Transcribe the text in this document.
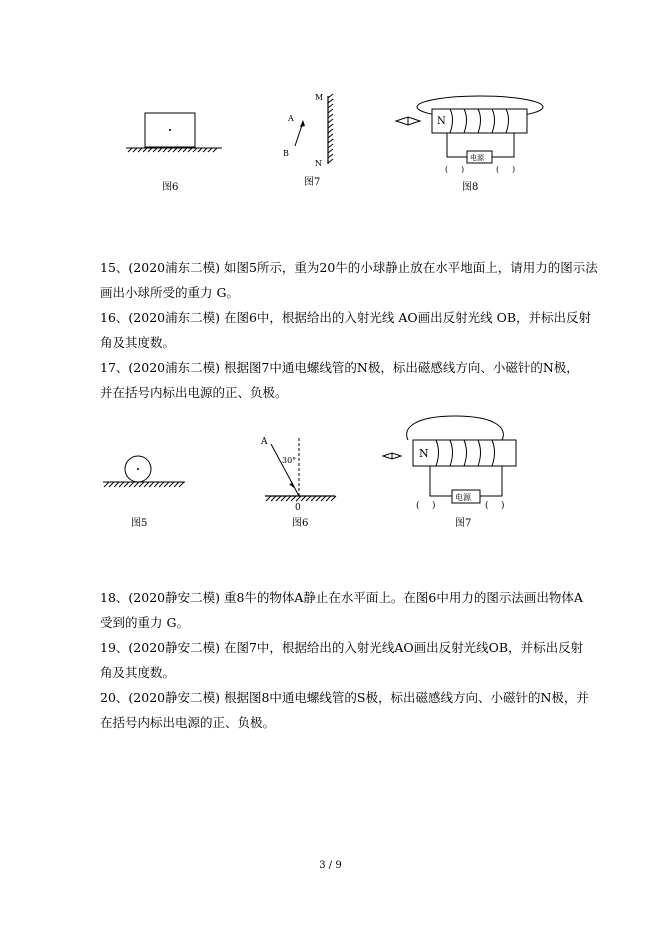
图6
M
N
A
B
图7
N
电源
( )	( )
图8

15、(2020浦东二模) 如图5所示，重为20牛的小球静止放在水平地面上，请用力的图示法

画出小球所受的重力 G。

16、(2020浦东二模) 在图6中，根据给出的入射光线 AO画出反射光线 OB，并标出反射

角及其度数。

17、(2020浦东二模) 根据图7中通电螺线管的N极，标出磁感线方向、小磁针的N极，

并在括号内标出电源的正、负极。

图5
A
30°
0
图6
N
电源
( )	( )
图7

18、(2020静安二模) 重8牛的物体A静止在水平面上。在图6中用力的图示法画出物体A

受到的重力 G。

19、(2020静安二模) 在图7中，根据给出的入射光线AO画出反射光线OB，并标出反射

角及其度数。

20、(2020静安二模) 根据图8中通电螺线管的S极，标出磁感线方向、小磁针的N极，并

在括号内标出电源的正、负极。

3 / 9
